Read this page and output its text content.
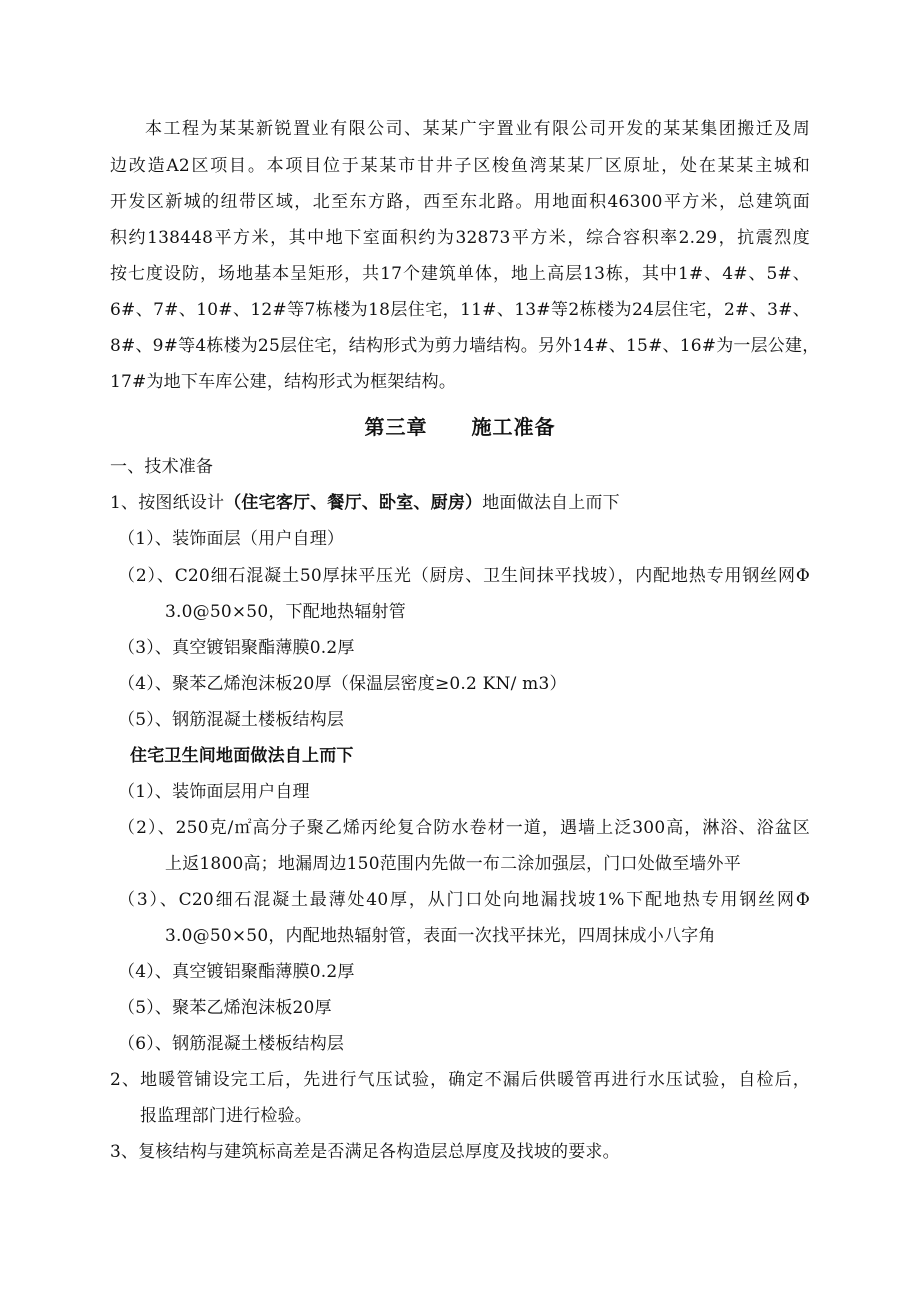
本工程为某某新锐置业有限公司、某某广宇置业有限公司开发的某某集团搬迁及周
边改造A2区项目。本项目位于某某市甘井子区梭鱼湾某某厂区原址，处在某某主城和
开发区新城的纽带区域，北至东方路，西至东北路。用地面积46300平方米，总建筑面
积约138448平方米，其中地下室面积约为32873平方米，综合容积率2.29，抗震烈度
按七度设防，场地基本呈矩形，共17个建筑单体，地上高层13栋，其中1#、4#、5#、
6#、7#、10#、12#等7栋楼为18层住宅，11#、13#等2栋楼为24层住宅，2#、3#、
8#、9#等4栋楼为25层住宅，结构形式为剪力墙结构。另外14#、15#、16#为一层公建，
17#为地下车库公建，结构形式为框架结构。
第三章 施工准备
一、技术准备
1、按图纸设计（住宅客厅、餐厅、卧室、厨房）地面做法自上而下
（1）、装饰面层（用户自理）
（2）、C20细石混凝土50厚抹平压光（厨房、卫生间抹平找坡），内配地热专用钢丝网Φ
3.0@50×50，下配地热辐射管
（3）、真空镀铝聚酯薄膜0.2厚
（4）、聚苯乙烯泡沫板20厚（保温层密度≥0.2 KN/ m3）
（5）、钢筋混凝土楼板结构层
住宅卫生间地面做法自上而下
（1）、装饰面层用户自理
（2）、250克/㎡高分子聚乙烯丙纶复合防水卷材一道，遇墙上泛300高，淋浴、浴盆区
上返1800高；地漏周边150范围内先做一布二涂加强层，门口处做至墙外平
（3）、C20细石混凝土最薄处40厚，从门口处向地漏找坡1%下配地热专用钢丝网Φ
3.0@50×50，内配地热辐射管，表面一次找平抹光，四周抹成小八字角
（4）、真空镀铝聚酯薄膜0.2厚
（5）、聚苯乙烯泡沫板20厚
（6）、钢筋混凝土楼板结构层
2、地暖管铺设完工后，先进行气压试验，确定不漏后供暖管再进行水压试验，自检后，
报监理部门进行检验。
3、复核结构与建筑标高差是否满足各构造层总厚度及找坡的要求。
